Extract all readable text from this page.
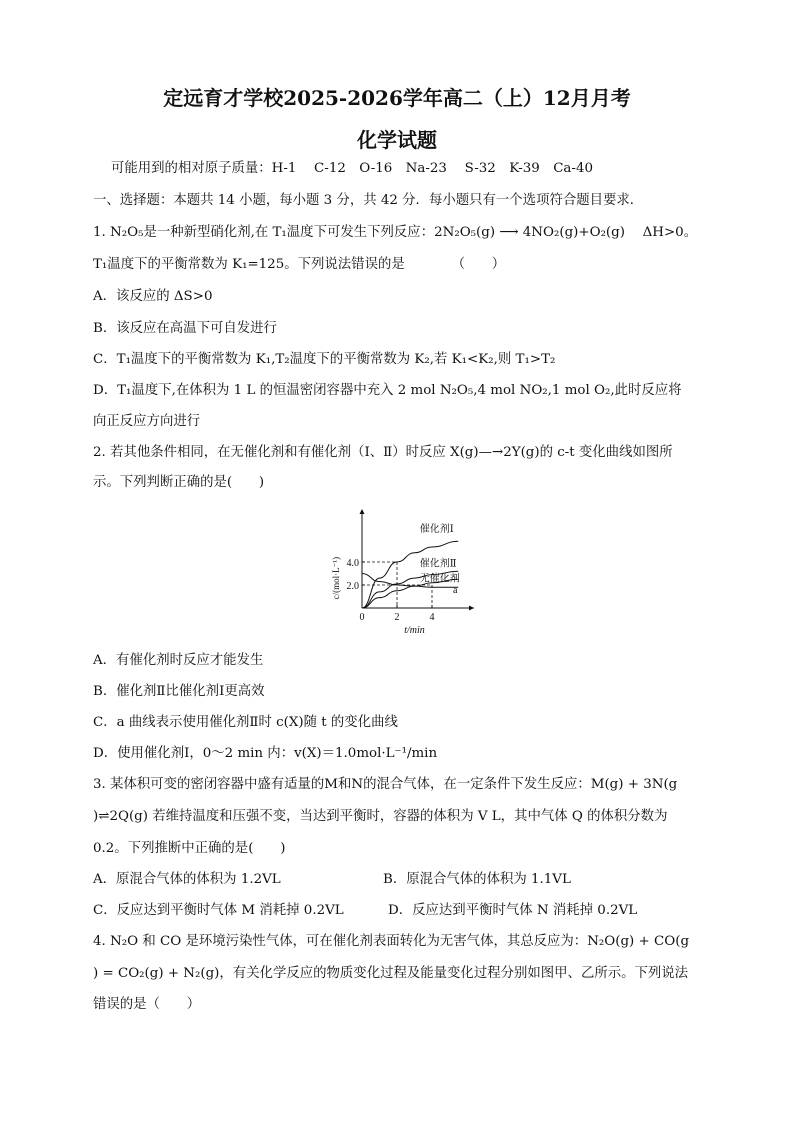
定远育才学校2025-2026学年高二（上）12月月考
化学试题
可能用到的相对原子质量：H-1　 C-12　O-16　Na-23　 S-32　K-39　Ca-40
一、选择题：本题共 14 小题，每小题 3 分，共 42 分．每小题只有一个选项符合题目要求．
1. N₂O₅是一种新型硝化剂,在 T₁温度下可发生下列反应：2N₂O₅(g) ⟶ 4NO₂(g)+O₂(g)　 ΔH>0。
T₁温度下的平衡常数为 K₁=125。下列说法错误的是　　　　（　　）
A．该反应的 ΔS>0
B．该反应在高温下可自发进行
C．T₁温度下的平衡常数为 K₁,T₂温度下的平衡常数为 K₂,若 K₁<K₂,则 T₁>T₂
D．T₁温度下,在体积为 1 L 的恒温密闭容器中充入 2 mol N₂O₅,4 mol NO₂,1 mol O₂,此时反应将
向正反应方向进行
2. 若其他条件相同，在无催化剂和有催化剂（Ⅰ、Ⅱ）时反应 X(g)—→2Y(g)的 c-t 变化曲线如图所
示。下列判断正确的是(　　)
4.0
2.0
0	2	4
t/min
c/(mol·L⁻¹)
催化剂Ⅰ
催化剂Ⅱ
无催化剂
a
A．有催化剂时反应才能发生
B．催化剂Ⅱ比催化剂Ⅰ更高效
C．a 曲线表示使用催化剂Ⅱ时 c(X)随 t 的变化曲线
D．使用催化剂Ⅰ，0～2 min 内：v(X)＝1.0mol·L⁻¹/min
3. 某体积可变的密闭容器中盛有适量的M和N的混合气体，在一定条件下发生反应：M(g) + 3N(g
)⇌2Q(g) 若维持温度和压强不变，当达到平衡时，容器的体积为 V L，其中气体 Q 的体积分数为
0.2。下列推断中正确的是(　　)
A．原混合气体的体积为 1.2VL	B．原混合气体的体积为 1.1VL
C．反应达到平衡时气体 M 消耗掉 0.2VL	D．反应达到平衡时气体 N 消耗掉 0.2VL
4. N₂O 和 CO 是环境污染性气体，可在催化剂表面转化为无害气体，其总反应为：N₂O(g) + CO(g
) = CO₂(g) + N₂(g)，有关化学反应的物质变化过程及能量变化过程分别如图甲、乙所示。下列说法
错误的是（　　）
